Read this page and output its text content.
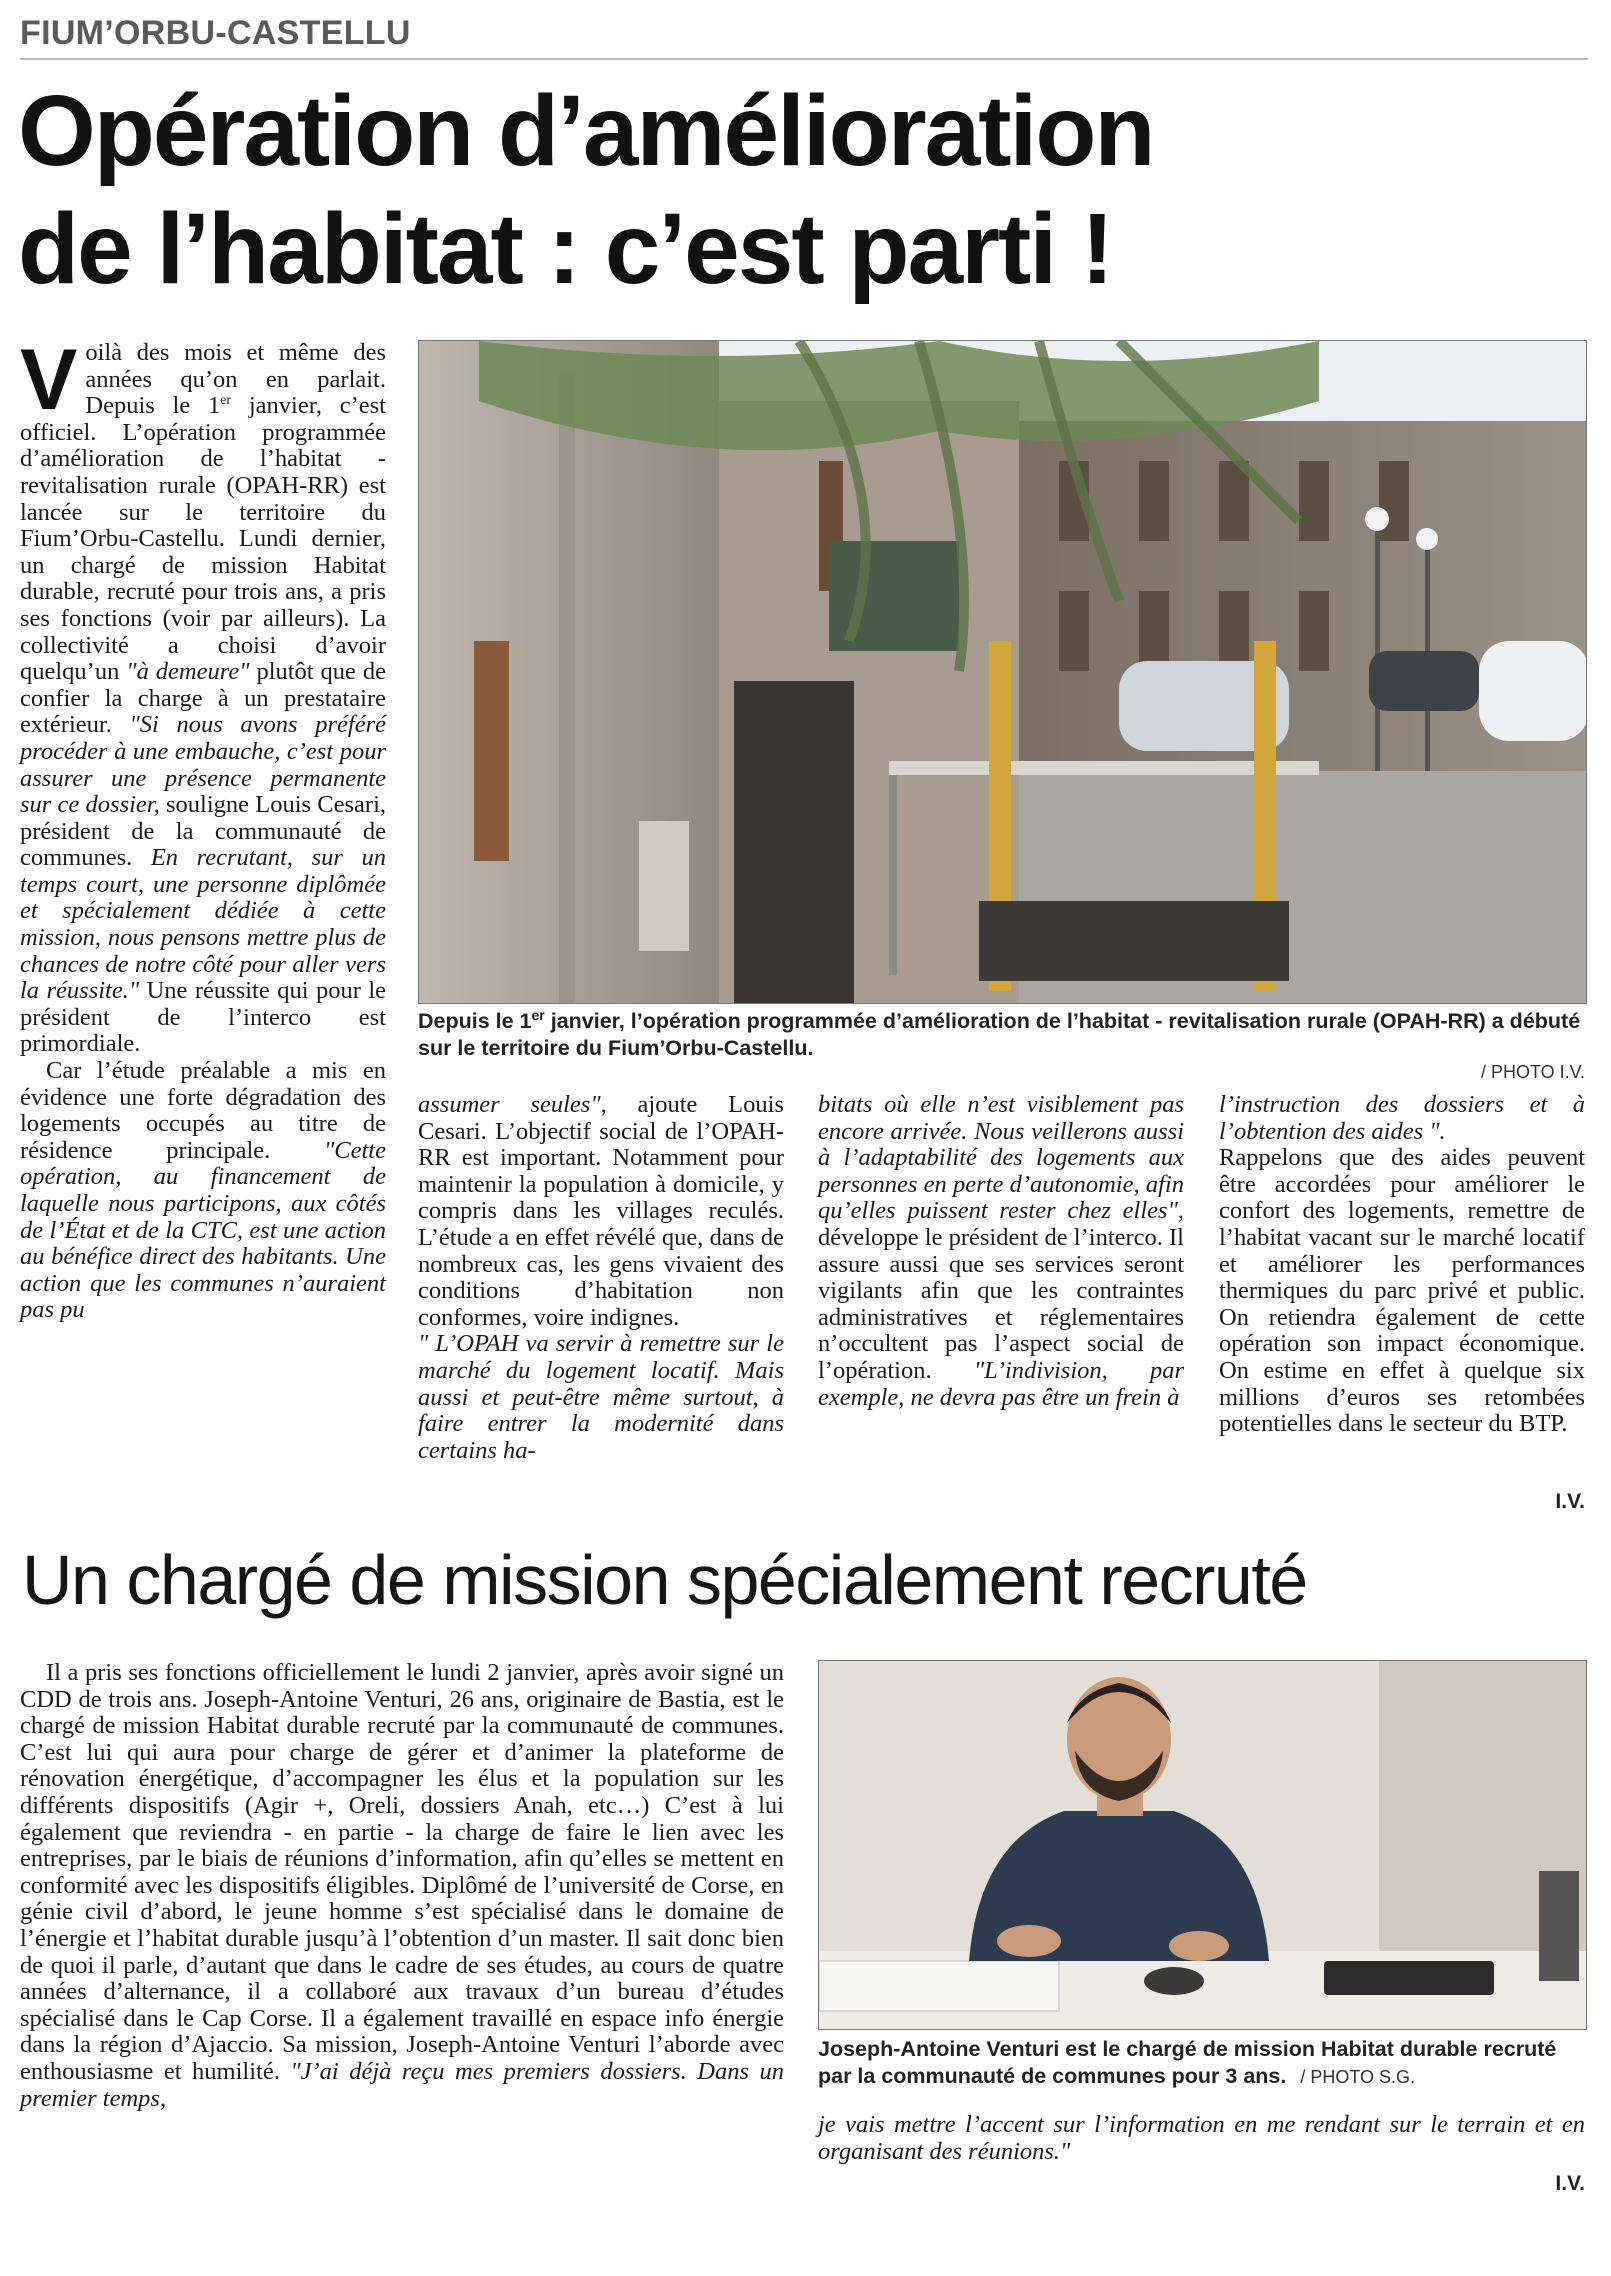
FIUM’ORBU-CASTELLU
Opération d’amélioration
de l’habitat : c’est parti !

Voilà des mois et même des années qu’on en parlait. Depuis le 1er janvier, c’est officiel. L’opération programmée d’amélioration de l’habitat -revitalisation rurale (OPAH-RR) est lancée sur le territoire du Fium’Orbu-Castellu. Lundi dernier, un chargé de mission Habitat durable, recruté pour trois ans, a pris ses fonctions (voir par ailleurs). La collectivité a choisi d’avoir quelqu’un "à demeure" plutôt que de confier la charge à un prestataire extérieur. "Si nous avons préféré procéder à une embauche, c’est pour assurer une présence permanente sur ce dossier, souligne Louis Cesari, président de la communauté de communes. En recrutant, sur un temps court, une personne diplômée et spécialement dédiée à cette mission, nous pensons mettre plus de chances de notre côté pour aller vers la réussite." Une réussite qui pour le président de l’interco est primordiale.

Car l’étude préalable a mis en évidence une forte dégradation des logements occupés au titre de résidence principale. "Cette opération, au financement de laquelle nous participons, aux côtés de l’État et de la CTC, est une action au bénéfice direct des habitants. Une action que les communes n’auraient pas pu

Depuis le 1er janvier, l’opération programmée d’amélioration de l’habitat - revitalisation rurale (OPAH-RR) a débuté sur le territoire du Fium’Orbu-Castellu.
/ PHOTO I.V.

assumer seules", ajoute Louis Cesari. L’objectif social de l’OPAH-RR est important. Notamment pour maintenir la population à domicile, y compris dans les villages reculés. L’étude a en effet révélé que, dans de nombreux cas, les gens vivaient des conditions d’habitation non conformes, voire indignes.

" L’OPAH va servir à remettre sur le marché du logement locatif. Mais aussi et peut-être même surtout, à faire entrer la modernité dans certains ha-

bitats où elle n’est visiblement pas encore arrivée. Nous veillerons aussi à l’adaptabilité des logements aux personnes en perte d’autonomie, afin qu’elles puissent rester chez elles", développe le président de l’interco. Il assure aussi que ses services seront vigilants afin que les contraintes administratives et réglementaires n’occultent pas l’aspect social de l’opération. "L’indivision, par exemple, ne devra pas être un frein à

l’instruction des dossiers et à l’obtention des aides ".

Rappelons que des aides peuvent être accordées pour améliorer le confort des logements, remettre de l’habitat vacant sur le marché locatif et améliorer les performances thermiques du parc privé et public. On retiendra également de cette opération son impact économique. On estime en effet à quelque six millions d’euros ses retombées potentielles dans le secteur du BTP.

I.V.
Un chargé de mission spécialement recruté

Il a pris ses fonctions officiellement le lundi 2 janvier, après avoir signé un CDD de trois ans. Joseph-Antoine Venturi, 26 ans, originaire de Bastia, est le chargé de mission Habitat durable recruté par la communauté de communes. C’est lui qui aura pour charge de gérer et d’animer la plateforme de rénovation énergétique, d’accompagner les élus et la population sur les différents dispositifs (Agir +, Oreli, dossiers Anah, etc…) C’est à lui également que reviendra - en partie - la charge de faire le lien avec les entreprises, par le biais de réunions d’information, afin qu’elles se mettent en conformité avec les dispositifs éligibles. Diplômé de l’université de Corse, en génie civil d’abord, le jeune homme s’est spécialisé dans le domaine de l’énergie et l’habitat durable jusqu’à l’obtention d’un master. Il sait donc bien de quoi il parle, d’autant que dans le cadre de ses études, au cours de quatre années d’alternance, il a collaboré aux travaux d’un bureau d’études spécialisé dans le Cap Corse. Il a également travaillé en espace info énergie dans la région d’Ajaccio. Sa mission, Joseph-Antoine Venturi l’aborde avec enthousiasme et humilité. "J’ai déjà reçu mes premiers dossiers. Dans un premier temps,

Joseph-Antoine Venturi est le chargé de mission Habitat durable recruté par la communauté de communes pour 3 ans. / PHOTO S.G.

je vais mettre l’accent sur l’information en me rendant sur le terrain et en organisant des réunions."

I.V.
